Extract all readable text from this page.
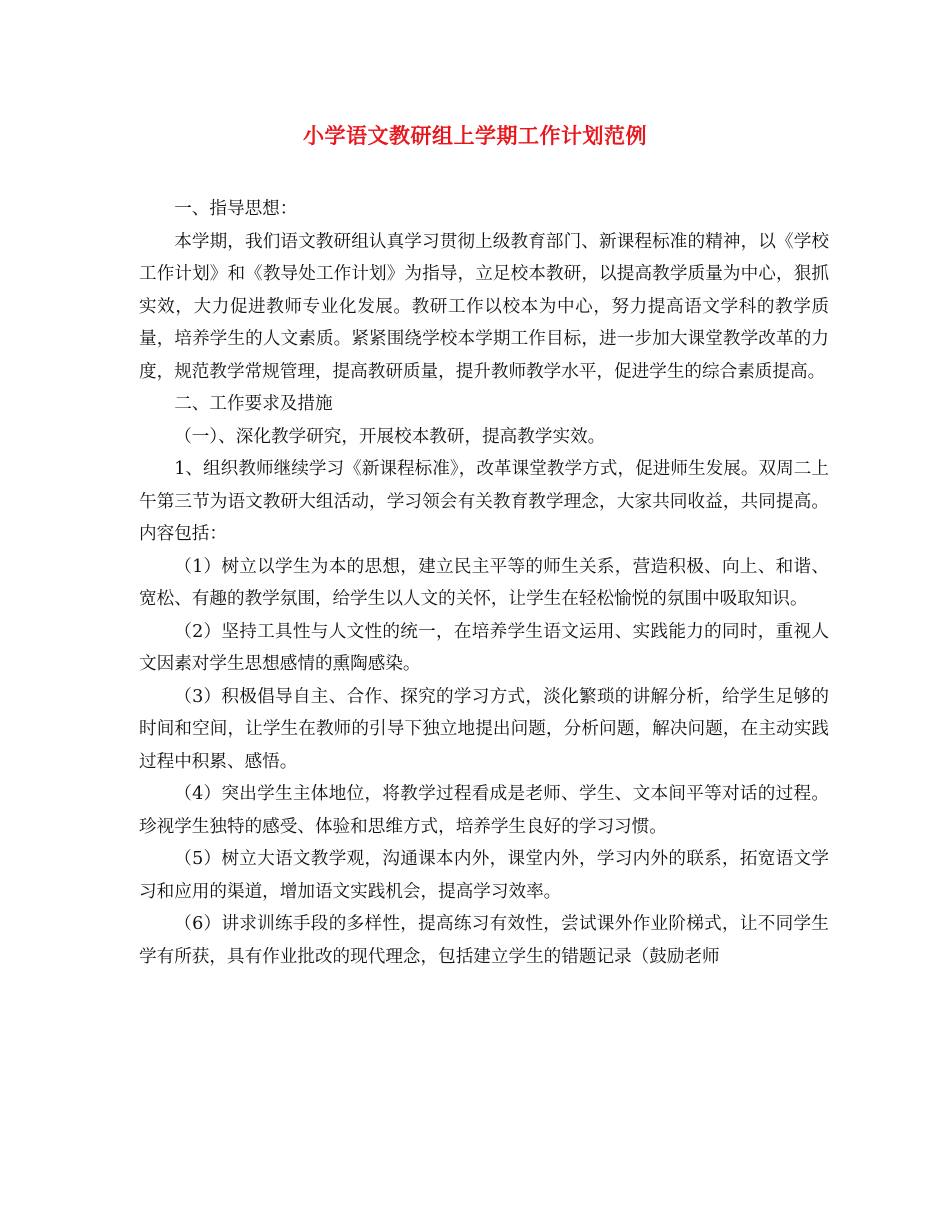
小学语文教研组上学期工作计划范例

一、指导思想：

本学期，我们语文教研组认真学习贯彻上级教育部门、新课程标准的精神，以《学校工作计划》和《教导处工作计划》为指导，立足校本教研，以提高教学质量为中心，狠抓实效，大力促进教师专业化发展。教研工作以校本为中心，努力提高语文学科的教学质量，培养学生的人文素质。紧紧围绕学校本学期工作目标，进一步加大课堂教学改革的力度，规范教学常规管理，提高教研质量，提升教师教学水平，促进学生的综合素质提高。

二、工作要求及措施

（一）、深化教学研究，开展校本教研，提高教学实效。

1、组织教师继续学习《新课程标准》，改革课堂教学方式，促进师生发展。双周二上午第三节为语文教研大组活动，学习领会有关教育教学理念，大家共同收益，共同提高。内容包括：

（1）树立以学生为本的思想，建立民主平等的师生关系，营造积极、向上、和谐、宽松、有趣的教学氛围，给学生以人文的关怀，让学生在轻松愉悦的氛围中吸取知识。

（2）坚持工具性与人文性的统一，在培养学生语文运用、实践能力的同时，重视人文因素对学生思想感情的熏陶感染。

（3）积极倡导自主、合作、探究的学习方式，淡化繁琐的讲解分析，给学生足够的时间和空间，让学生在教师的引导下独立地提出问题，分析问题，解决问题，在主动实践过程中积累、感悟。

（4）突出学生主体地位，将教学过程看成是老师、学生、文本间平等对话的过程。珍视学生独特的感受、体验和思维方式，培养学生良好的学习习惯。

（5）树立大语文教学观，沟通课本内外，课堂内外，学习内外的联系，拓宽语文学习和应用的渠道，增加语文实践机会，提高学习效率。

（6）讲求训练手段的多样性，提高练习有效性，尝试课外作业阶梯式，让不同学生学有所获，具有作业批改的现代理念，包括建立学生的错题记录（鼓励老师
